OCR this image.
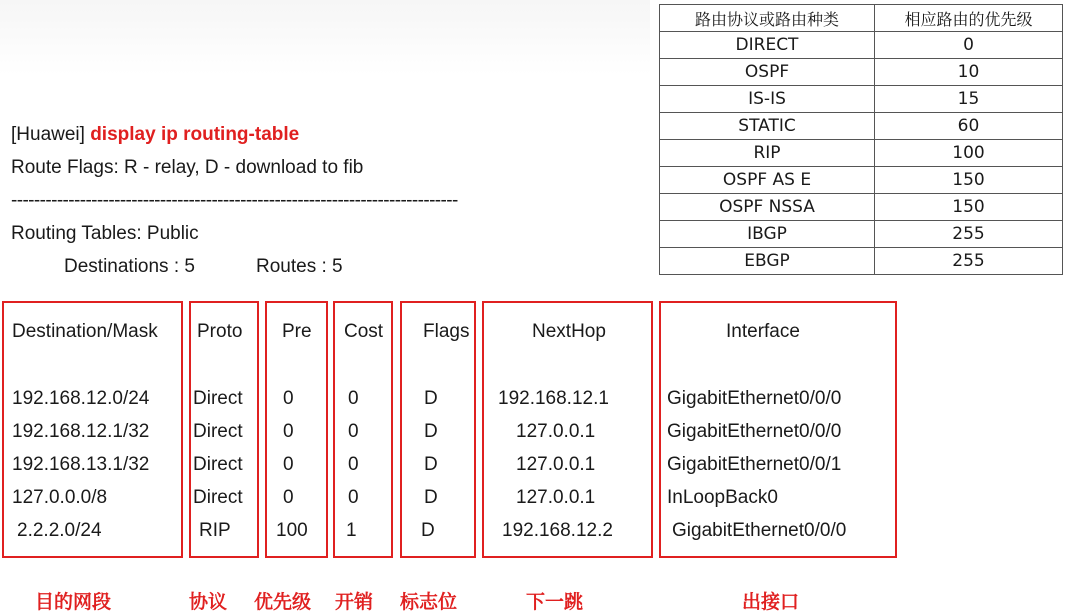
[Huawei] display ip routing-table
Route Flags: R - relay, D - download to fib
------------------------------------------------------------------------------
Routing Tables: Public
Destinations : 5	Routes : 5
路由协议或路由种类	相应路由的优先级
DIRECT	0
OSPF	10
IS-IS	15
STATIC	60
RIP	100
OSPF AS E	150
OSPF NSSA	150
IBGP	255
EBGP	255
Destination/Mask Proto Pre Cost Flags	NextHop	Interface
192.168.12.0/24 Direct 0	0	D	192.168.12.1	GigabitEthernet0/0/0
192.168.12.1/32 Direct 0	0	D	127.0.0.1	GigabitEthernet0/0/0
192.168.13.1/32 Direct 0	0	D	127.0.0.1	GigabitEthernet0/0/1
127.0.0.0/8	Direct 0	0	D	127.0.0.1	InLoopBack0
2.2.2.0/24	RIP 100 1	D	192.168.12.2	GigabitEthernet0/0/0
目的网段	协议 优先级 开销 标志位	下一跳	出接口
